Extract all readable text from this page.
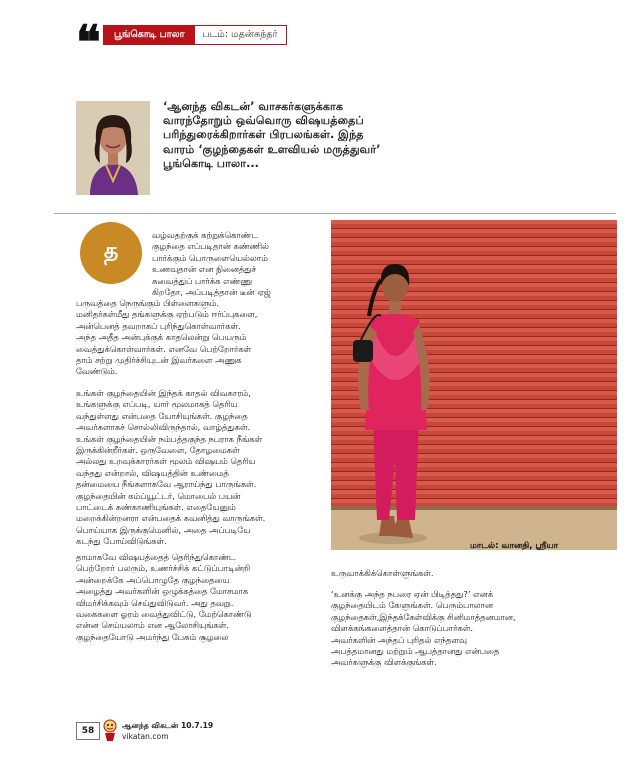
❝	பூங்கொடி பாலா	படம்: மதன்சுந்தர்
‘ஆனந்த விகடன்’ வாசகர்களுக்காக
வாரந்தோறும் ஒவ்வொரு விஷயத்தைப்
பரிந்துரைக்கிறார்கள் பிரபலங்கள். இந்த
வாரம் ‘குழந்தைகள் உளவியல் மருத்துவர்’
பூங்கொடி பாலா...
த
வழ்வதற்குக் கற்றுக்கொண்ட
குழந்தை எப்படிதான் கண்ணில்
பார்க்கும் பொருளையெல்லாம்
உணவுதான் என நினைத்துச்
சுவைத்துப் பார்க்க எண்ணு
கிறதோ, அப்படித்தான் டீன் ஏஜ்
பருவத்தை நெருங்கும் பிள்ளைகளும்.
மனிதர்கள்மீது தங்களுக்கு ஏற்படும் ஈர்ப்புகளை,
அன்பெனத் தவறாகப் புரிந்துகொள்வார்கள்.
அந்த அதீத அன்புக்குக் காதலென்று பெயரும்
வைத்துக்கொள்வார்கள். எனவே பெற்றோர்கள்
தாம் சற்று முதிர்ச்சியுடன் இவர்களை அணுக
வேண்டும்.
உங்கள் குழந்தையின் இந்தக் காதல் விவகாரம்,
உங்களுக்கு எப்படி, யார் மூலமாகத் தெரிய
வந்துள்ளது என்பதை யோசியுங்கள். குழந்தை
அவர்களாகச் சொல்லிவிருந்தால், வாழ்த்துகள்.
உங்கள் குழந்தையின் நம்பத்தகுந்த நபராக நீங்கள்
இருக்கின்றீர்கள். ஒருவேளை, தோழமைகள்
அல்லது உறவுக்காரர்கள் மூலம் விஷயம் தெரிய
வந்தது என்றால், விஷயத்தின் உண்மைத்
தன்மையை நீங்களாகவே ஆராய்ந்து பாருங்கள்.
குழந்தையின் கம்ப்யூட்டர், மொபைல் பயன்
பாட்டைக் கண்காணியுங்கள். எதையேனும்
மறைக்கின்றனரா என்பதைக் கவனித்து வாருங்கள்.
பொய்யாக இருக்குமெனில், அதை அப்படியே
கடந்து போய்விடுங்கள்.
தாமாகவே விஷயத்தைத் தெரிந்துகொண்ட
பெற்றோர் பலரும், உணர்ச்சிக் கட்டுப்பாடின்றி
அன்றைக்கே அப்பொழுதே குழந்தையை
அழைத்து அவர்களின் ஒழுக்கத்தை மோசமாக
விமர்சிக்கவும் செய்துவிடுவர். அது தவறு.
வகைகளை ஓரம் வைத்துவிட்டு, மேற்கொண்டு
என்ன செய்யலாம் என ஆலோசியுங்கள்.
குழந்தையோடு அமர்ந்து பேசும் சூழலை
மாடல்: வானதி, ஸ்ரீயா
உருவாக்கிக்கொள்ளுங்கள்.
‘உனக்கு அந்த நபரை ஏன் பிடித்தது?’ எனக்
குழந்தையிடம் கேளுங்கள். பெரும்பாலான
குழந்தைகள்,இந்தக்கேள்விக்கு சினிமாத்தனமான,
விளக்கங்களைத்தான் கொடுப்பார்கள்.
அவர்களின் அந்தப் புரிதல் எந்தளவு
அபத்தமானது மற்றும் ஆபத்தானது என்பதை
அவர்களுக்கு விளக்குங்கள்.
58
ஆனந்த விகடன் 10.7.19
vikatan.com
